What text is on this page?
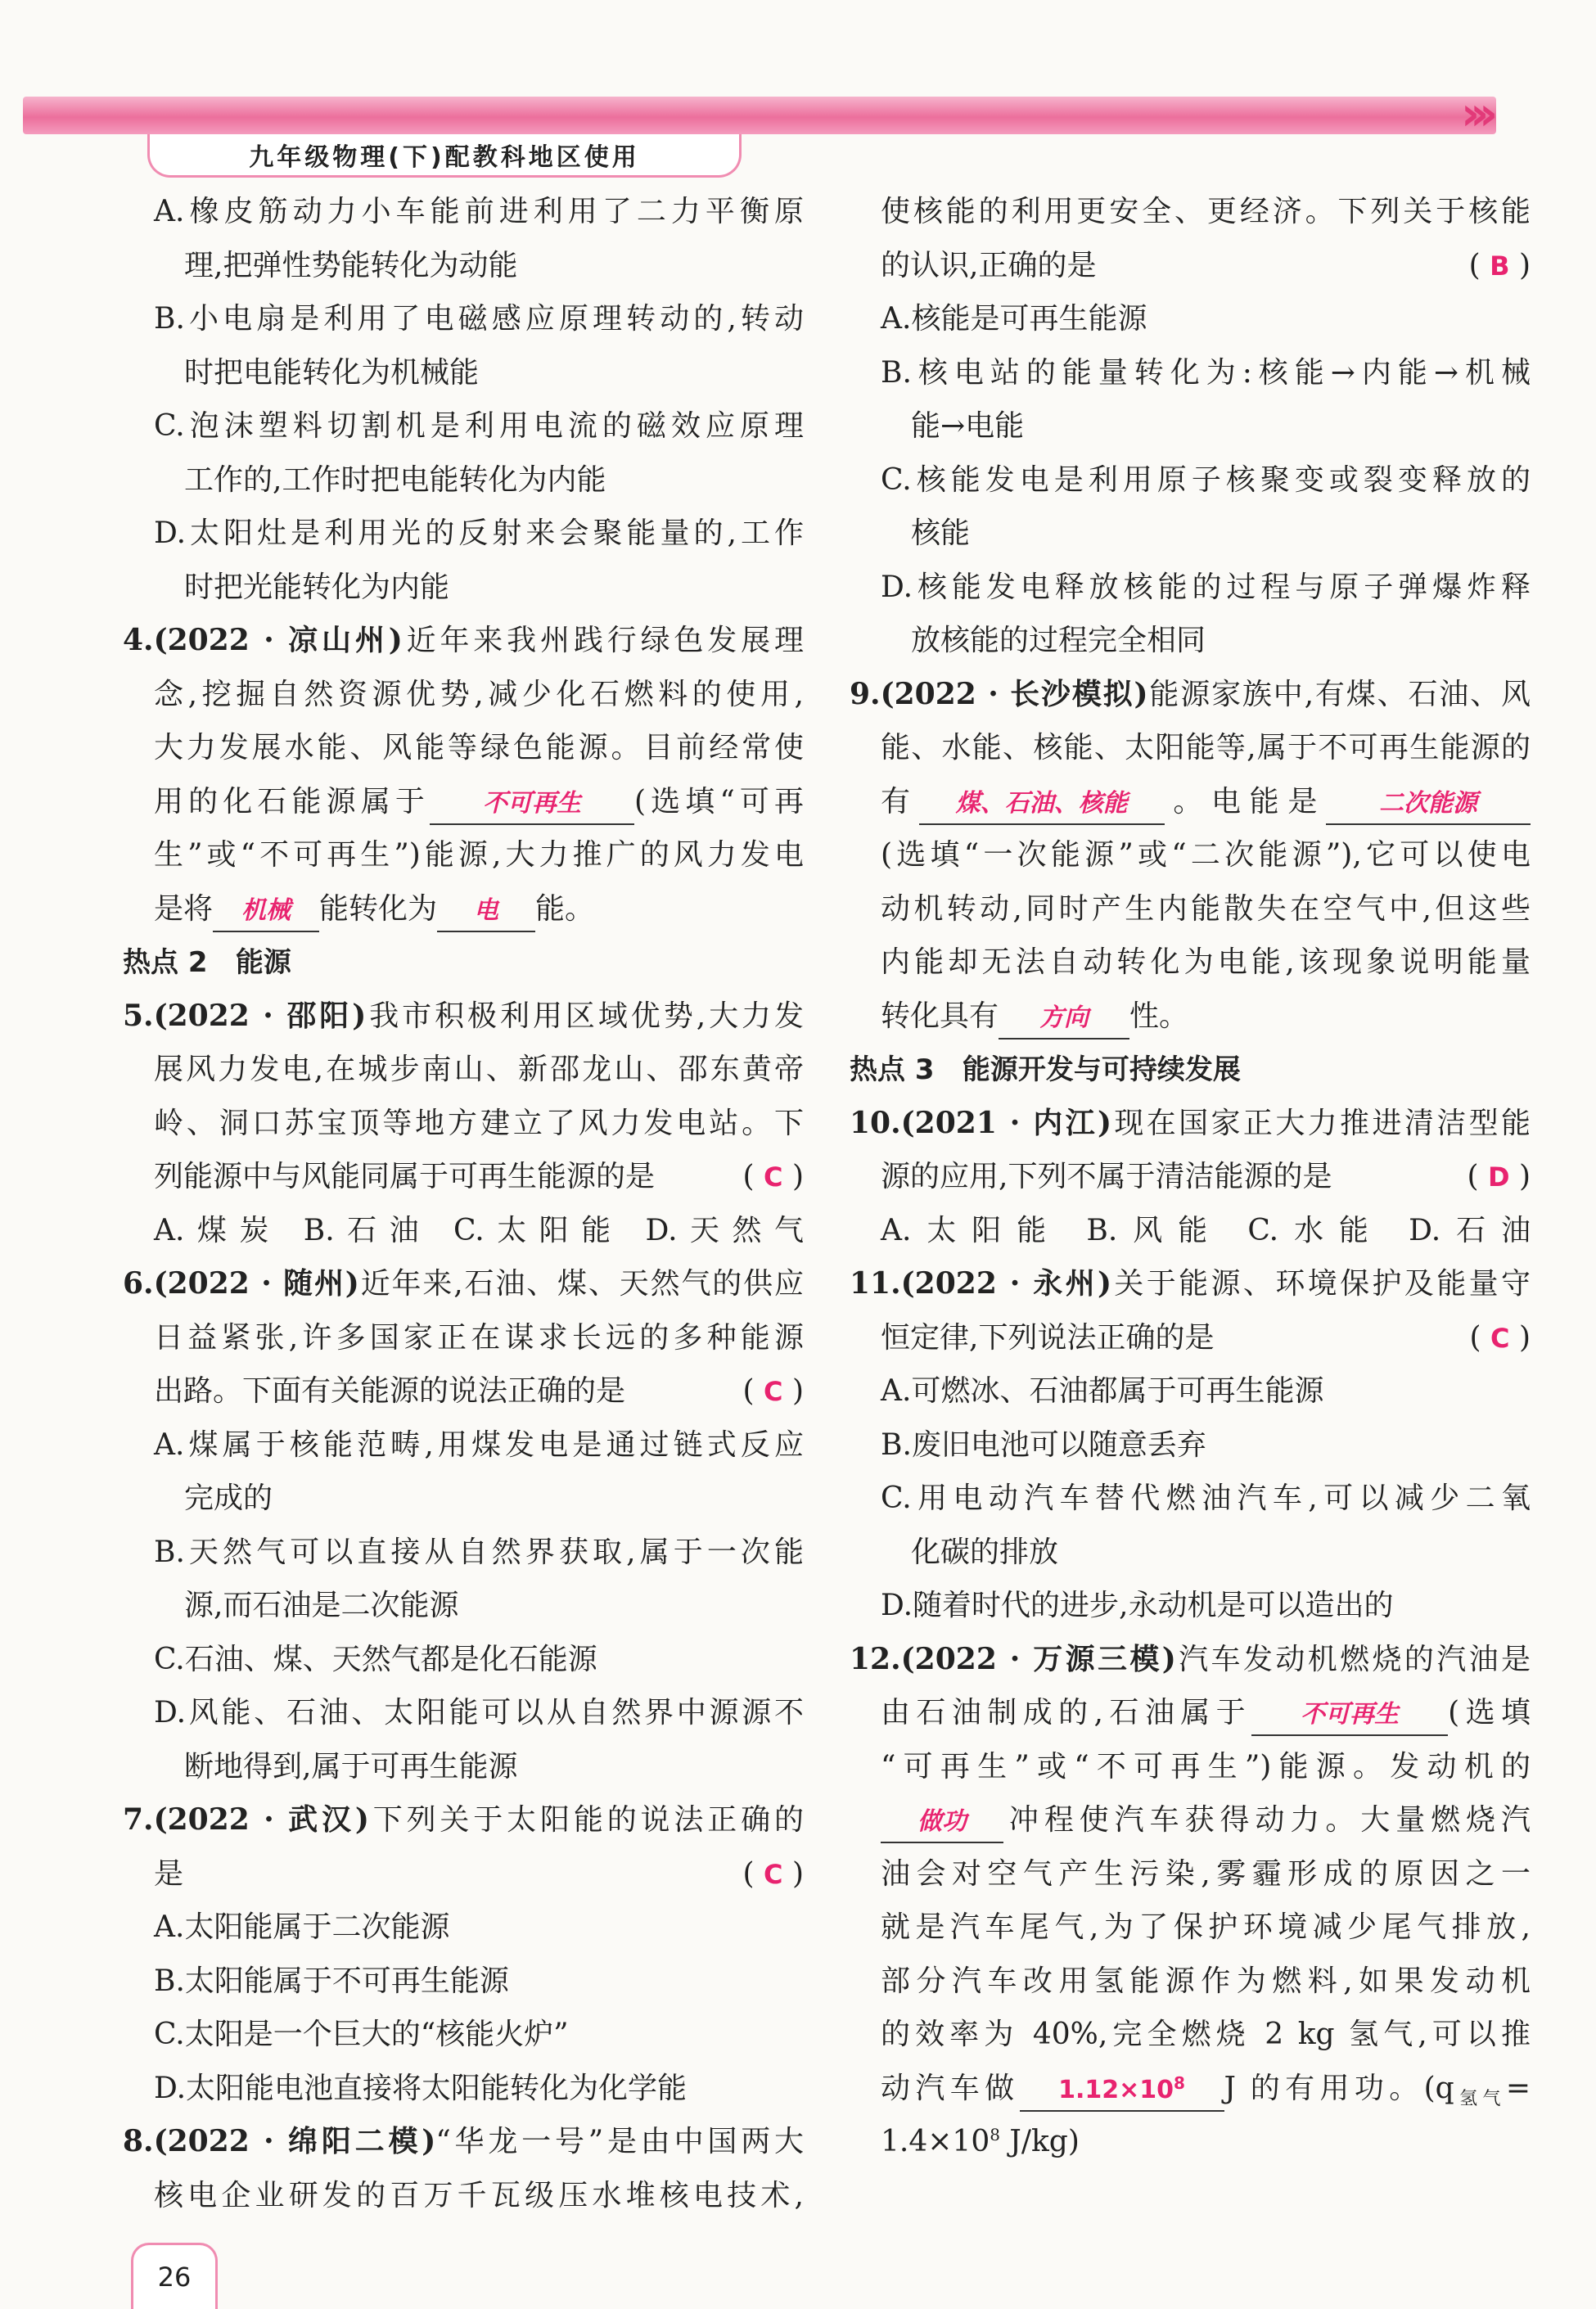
›››
九年级物理(下)配教科地区使用
A.橡皮筋动力小车能前进利用了二力平衡原
理,把弹性势能转化为动能
B.小电扇是利用了电磁感应原理转动的,转动
时把电能转化为机械能
C.泡沫塑料切割机是利用电流的磁效应原理
工作的,工作时把电能转化为内能
D.太阳灶是利用光的反射来会聚能量的,工作
时把光能转化为内能
4.(2022 · 凉山州)近年来我州践行绿色发展理
念,挖掘自然资源优势,减少化石燃料的使用,
大力发展水能、风能等绿色能源。目前经常使
用的化石能源属于 不可再生 (选填“可再
生”或“不可再生”)能源,大力推广的风力发电
是将 机械 能转化为 电 能。
热点 2 能源
5.(2022 · 邵阳)我市积极利用区域优势,大力发
展风力发电,在城步南山、新邵龙山、邵东黄帝
岭、洞口苏宝顶等地方建立了风力发电站。下
列能源中与风能同属于可再生能源的是	( C )
A.煤炭 B.石油 C.太阳能 D.天然气
6.(2022 · 随州)近年来,石油、煤、天然气的供应
日益紧张,许多国家正在谋求长远的多种能源
出路。下面有关能源的说法正确的是	( C )
A.煤属于核能范畴,用煤发电是通过链式反应
完成的
B.天然气可以直接从自然界获取,属于一次能
源,而石油是二次能源
C.石油、煤、天然气都是化石能源
D.风能、石油、太阳能可以从自然界中源源不
断地得到,属于可再生能源
7.(2022 · 武汉)下列关于太阳能的说法正确的
是	( C )
A.太阳能属于二次能源
B.太阳能属于不可再生能源
C.太阳是一个巨大的“核能火炉”
D.太阳能电池直接将太阳能转化为化学能
8.(2022 · 绵阳二模)“华龙一号”是由中国两大
核电企业研发的百万千瓦级压水堆核电技术,
使核能的利用更安全、更经济。下列关于核能
的认识,正确的是	( B )
A.核能是可再生能源
B.核电站的能量转化为:核能→内能→机械
能→电能
C.核能发电是利用原子核聚变或裂变释放的
核能
D.核能发电释放核能的过程与原子弹爆炸释
放核能的过程完全相同
9.(2022 · 长沙模拟)能源家族中,有煤、石油、风
能、水能、核能、太阳能等,属于不可再生能源的
有 煤、石油、核能 。电能是 二次能源
(选填“一次能源”或“二次能源”),它可以使电
动机转动,同时产生内能散失在空气中,但这些
内能却无法自动转化为电能,该现象说明能量
转化具有 方向 性。
热点 3 能源开发与可持续发展
10.(2021 · 内江)现在国家正大力推进清洁型能
源的应用,下列不属于清洁能源的是	( D )
A.太阳能 B.风能 C.水能 D.石油
11.(2022 · 永州)关于能源、环境保护及能量守
恒定律,下列说法正确的是	( C )
A.可燃冰、石油都属于可再生能源
B.废旧电池可以随意丢弃
C.用电动汽车替代燃油汽车,可以减少二氧
化碳的排放
D.随着时代的进步,永动机是可以造出的
12.(2022 · 万源三模)汽车发动机燃烧的汽油是
由石油制成的,石油属于 不可再生 (选填
“可再生”或“不可再生”)能源。发动机的
做功 冲程使汽车获得动力。大量燃烧汽
油会对空气产生污染,雾霾形成的原因之一
就是汽车尾气,为了保护环境减少尾气排放,
部分汽车改用氢能源作为燃料,如果发动机
的效率为 40%,完全燃烧 2 kg 氢气,可以推
动汽车做 $1.12\times 10^8$ J 的有用功。($q_{氢气}=$
$1.4\times 10^8$ J/kg)
26
